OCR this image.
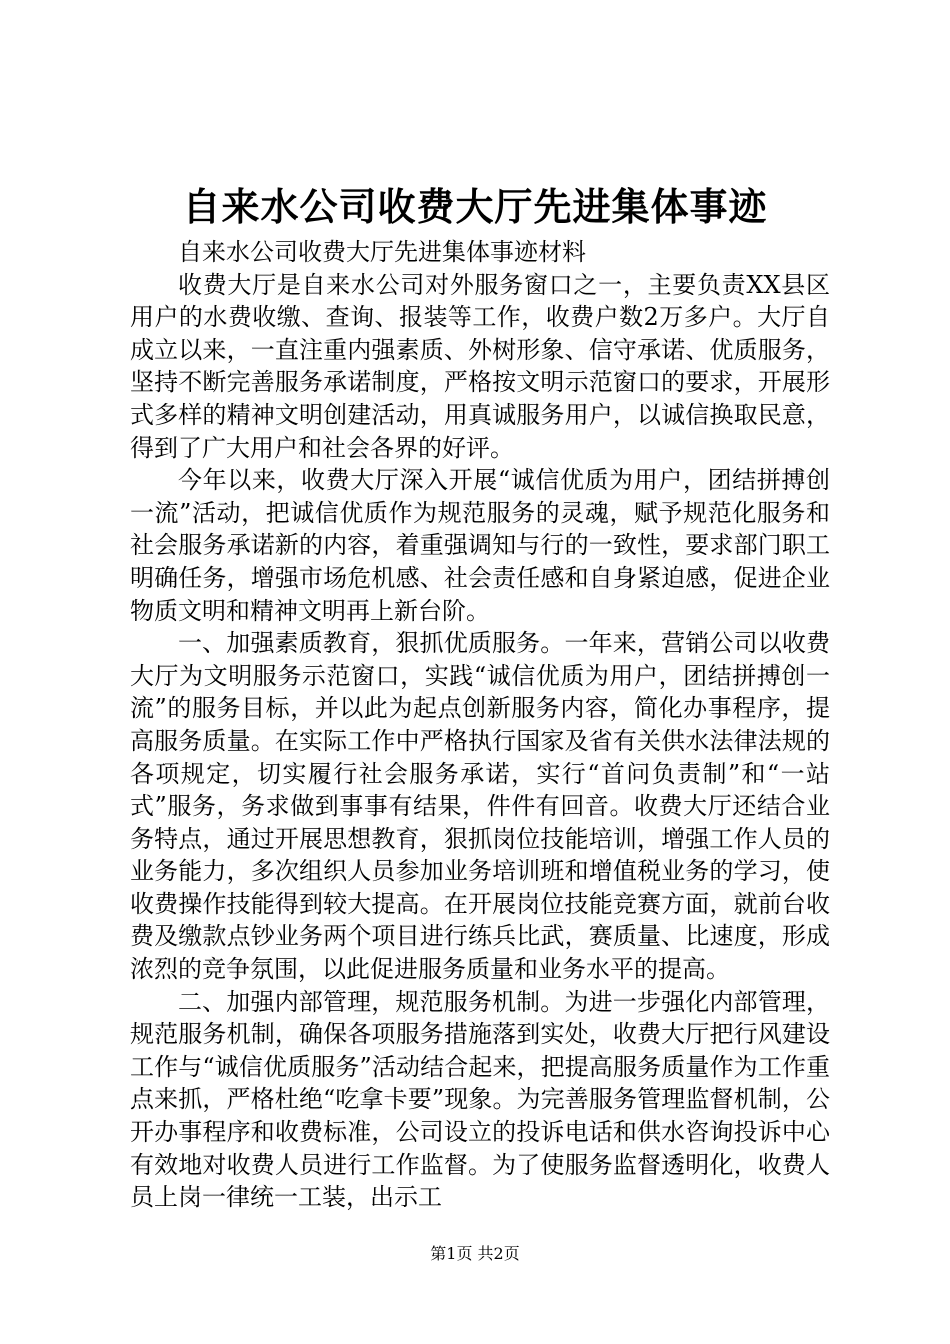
自来水公司收费大厅先进集体事迹

自来水公司收费大厅先进集体事迹材料

收费大厅是自来水公司对外服务窗口之一，主要负责XX县区用户的水费收缴、查询、报装等工作，收费户数2万多户。大厅自成立以来，一直注重内强素质、外树形象、信守承诺、优质服务，坚持不断完善服务承诺制度，严格按文明示范窗口的要求，开展形式多样的精神文明创建活动，用真诚服务用户，以诚信换取民意，得到了广大用户和社会各界的好评。

今年以来，收费大厅深入开展“诚信优质为用户，团结拼搏创一流”活动，把诚信优质作为规范服务的灵魂，赋予规范化服务和社会服务承诺新的内容，着重强调知与行的一致性，要求部门职工明确任务，增强市场危机感、社会责任感和自身紧迫感，促进企业物质文明和精神文明再上新台阶。

一、加强素质教育，狠抓优质服务。一年来，营销公司以收费大厅为文明服务示范窗口，实践“诚信优质为用户，团结拼搏创一流”的服务目标，并以此为起点创新服务内容，简化办事程序，提高服务质量。在实际工作中严格执行国家及省有关供水法律法规的各项规定，切实履行社会服务承诺，实行“首问负责制”和“一站式”服务，务求做到事事有结果，件件有回音。收费大厅还结合业务特点，通过开展思想教育，狠抓岗位技能培训，增强工作人员的业务能力，多次组织人员参加业务培训班和增值税业务的学习，使收费操作技能得到较大提高。在开展岗位技能竞赛方面，就前台收费及缴款点钞业务两个项目进行练兵比武，赛质量、比速度，形成浓烈的竞争氛围，以此促进服务质量和业务水平的提高。

二、加强内部管理，规范服务机制。为进一步强化内部管理，规范服务机制，确保各项服务措施落到实处，收费大厅把行风建设工作与“诚信优质服务”活动结合起来，把提高服务质量作为工作重点来抓，严格杜绝“吃拿卡要”现象。为完善服务管理监督机制，公开办事程序和收费标准，公司设立的投诉电话和供水咨询投诉中心有效地对收费人员进行工作监督。为了使服务监督透明化，收费人员上岗一律统一工装，出示工

第1页 共2页
